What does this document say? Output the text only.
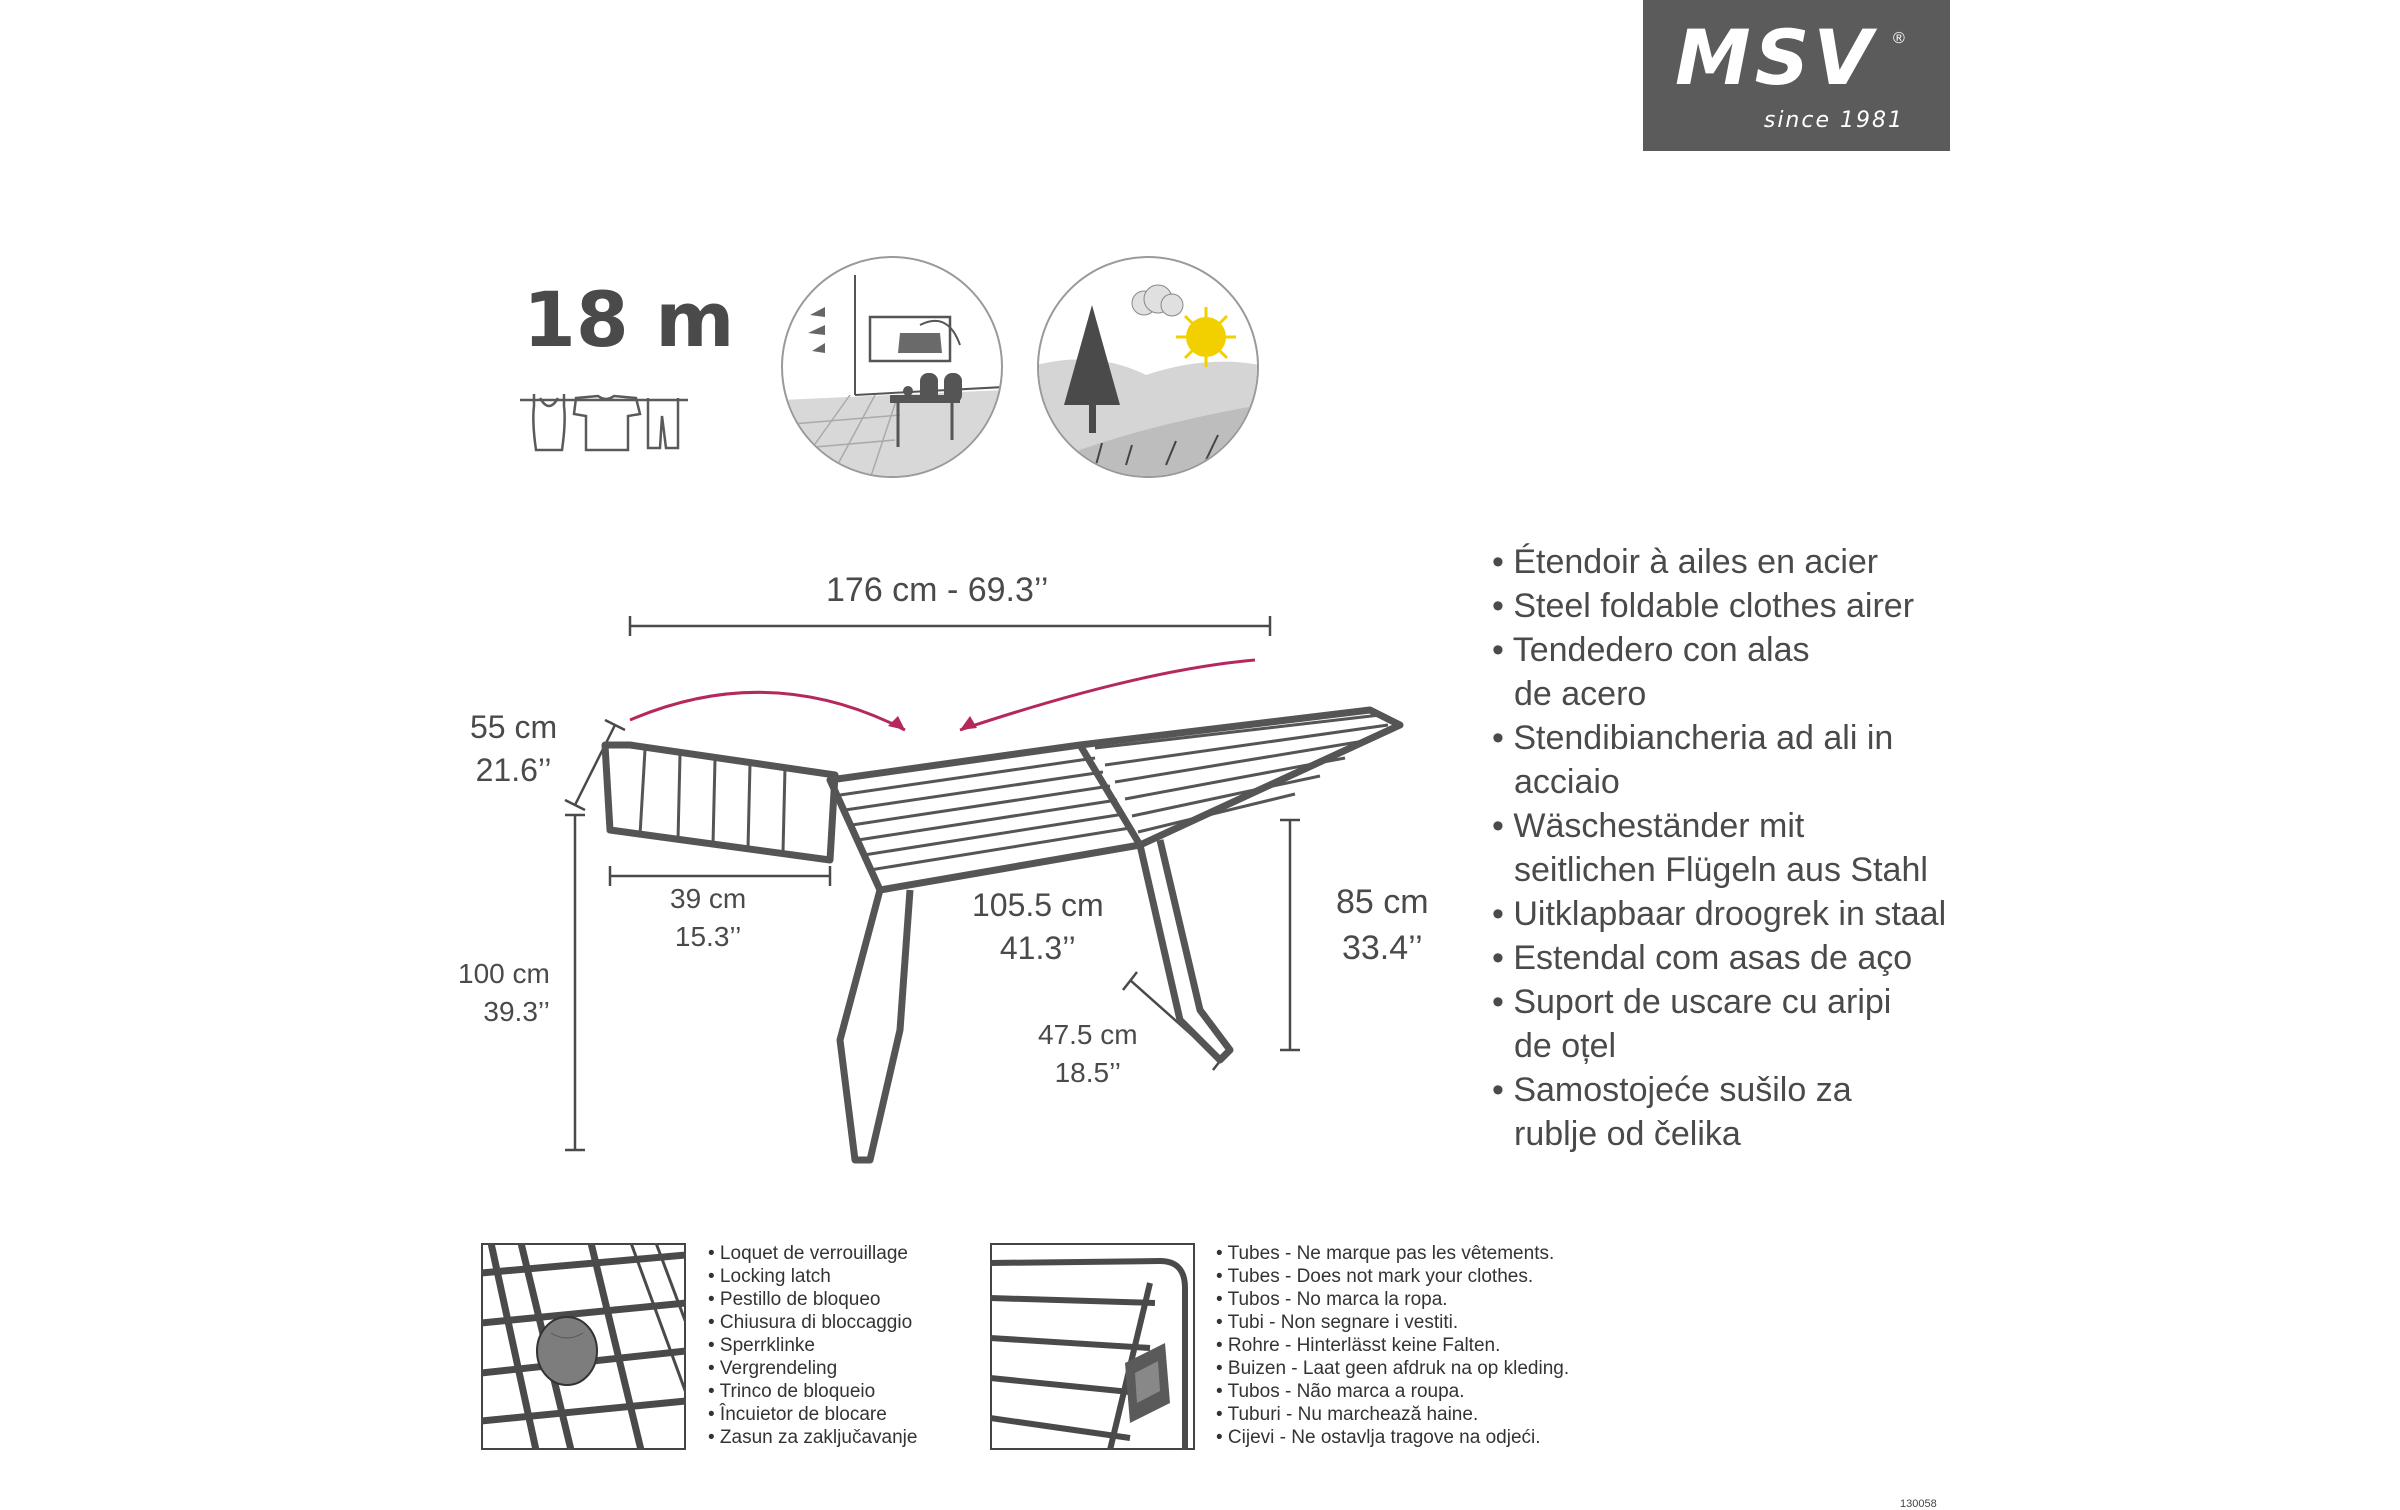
MSV ®
since 1981
18 m
176 cm - 69.3’’
55 cm
21.6’’
100 cm
39.3’’
39 cm
15.3’’
105.5 cm
41.3’’
85 cm
33.4’’
47.5 cm
18.5’’
• Étendoir à ailes en acier
• Steel foldable clothes airer
• Tendedero con alas
de acero
• Stendibiancheria ad ali in
acciaio
• Wäscheständer mit
seitlichen Flügeln aus Stahl
• Uitklapbaar droogrek in staal
• Estendal com asas de aço
• Suport de uscare cu aripi
de oțel
• Samostojeće sušilo za
rublje od čelika
• Loquet de verrouillage
• Locking latch
• Pestillo de bloqueo
• Chiusura di bloccaggio
• Sperrklinke
• Vergrendeling
• Trinco de bloqueio
• Încuietor de blocare
• Zasun za zaključavanje
• Tubes - Ne marque pas les vêtements.
• Tubes - Does not mark your clothes.
• Tubos - No marca la ropa.
• Tubi - Non segnare i vestiti.
• Rohre - Hinterlässt keine Falten.
• Buizen - Laat geen afdruk na op kleding.
• Tubos - Não marca a roupa.
• Tuburi - Nu marchează haine.
• Cijevi - Ne ostavlja tragove na odjeći.
130058
